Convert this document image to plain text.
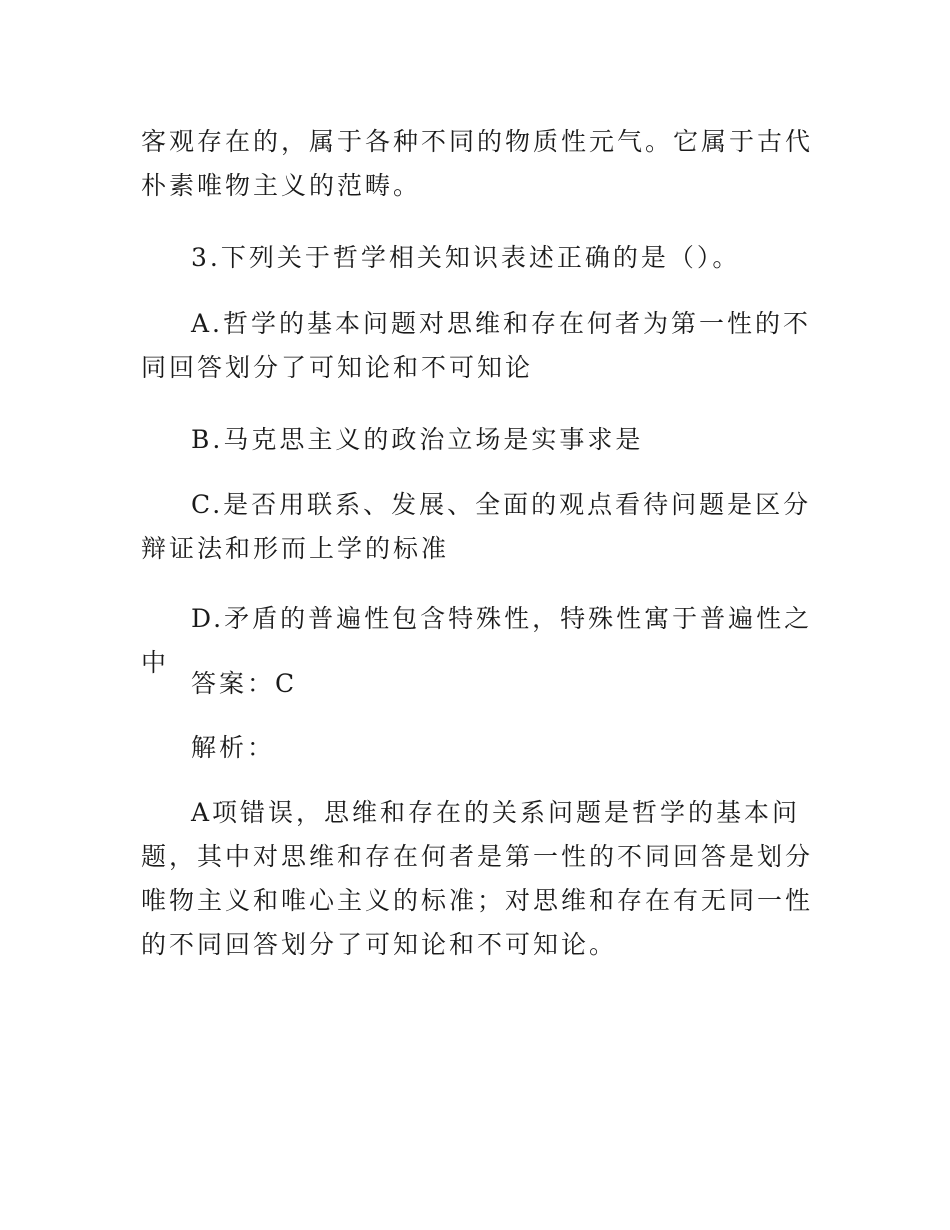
客观存在的，属于各种不同的物质性元气。它属于古代朴素唯物主义的范畴。

3.下列关于哲学相关知识表述正确的是（）。

A.哲学的基本问题对思维和存在何者为第一性的不同回答划分了可知论和不可知论

B.马克思主义的政治立场是实事求是

C.是否用联系、发展、全面的观点看待问题是区分辩证法和形而上学的标准

D.矛盾的普遍性包含特殊性，特殊性寓于普遍性之中

答案：C

解析：

A项错误，思维和存在的关系问题是哲学的基本问题，其中对思维和存在何者是第一性的不同回答是划分唯物主义和唯心主义的标准；对思维和存在有无同一性的不同回答划分了可知论和不可知论。
